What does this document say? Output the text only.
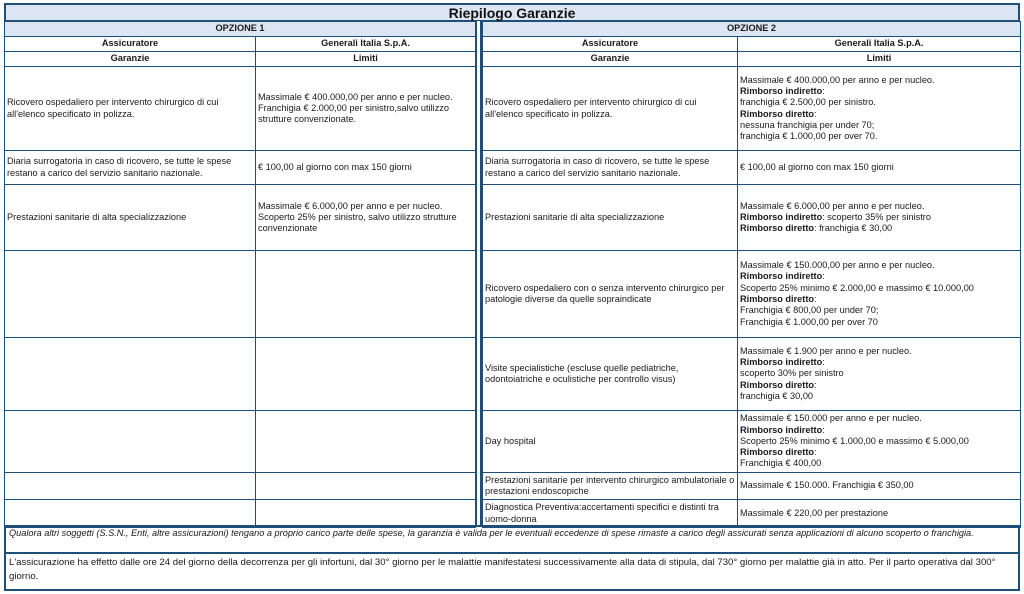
Riepilogo Garanzie
OPZIONE 1	
Assicuratore	Generali Italia S.p.A.
Garanzie	Limiti
Ricovero ospedaliero per intervento chirurgico di cui all'elenco specificato in polizza.	Massimale € 400.000,00 per anno e per nucleo.
Franchigia € 2.000,00 per sinistro,salvo utilizzo strutture convenzionate.

Diaria surrogatoria in caso di ricovero, se tutte le spese restano a carico del servizio sanitario nazionale.	€ 100,00 al giorno con max 150 giorni

Prestazioni sanitarie di alta specializzazione	Massimale € 6.000,00 per anno e per nucleo. Scoperto 25% per sinistro, salvo utilizzo strutture convenzionate

OPZIONE 2	
Assicuratore	Generali Italia S.p.A.
Garanzie	Limiti
Ricovero ospedaliero per intervento chirurgico di cui all'elenco specificato in polizza.	
Massimale € 400.000,00 per anno e per nucleo.
Rimborso indiretto:
franchigia € 2.500,00 per sinistro.
Rimborso diretto:
nessuna franchigia per under 70;
franchigia € 1.000,00 per over 70.

Diaria surrogatoria in caso di ricovero, se tutte le spese restano a carico del servizio sanitario nazionale.	€ 100,00 al giorno con max 150 giorni

Prestazioni sanitarie di alta specializzazione	Massimale € 6.000,00 per anno e per nucleo.
Rimborso indiretto: scoperto 35% per sinistro
Rimborso diretto: franchigia € 30,00

Ricovero ospedaliero con o senza intervento chirurgico per patologie diverse da quelle sopraindicate	
Massimale € 150.000,00 per anno e per nucleo.
Rimborso indiretto:
Scoperto 25% minimo € 2.000,00 e massimo € 10.000,00
Rimborso diretto:
Franchigia € 800,00 per under 70;
Franchigia € 1.000,00 per over 70

Visite specialistiche (escluse quelle pediatriche, odontoiatriche e oculistiche per controllo visus)	Massimale € 1.900 per anno e per nucleo.
Rimborso indiretto:
scoperto 30% per sinistro
Rimborso diretto:
franchigia € 30,00

Day hospital	Massimale € 150.000 per anno e per nucleo.
Rimborso indiretto:
Scoperto 25% minimo € 1.000,00 e massimo € 5.000,00
Rimborso diretto:
Franchigia € 400,00

Prestazioni sanitarie per intervento chirurgico ambulatoriale o prestazioni endoscopiche	Massimale € 150.000. Franchigia € 350,00

Diagnostica Preventiva:accertamenti specifici e distinti tra uomo-donna	Massimale € 220,00 per prestazione
Qualora altri soggetti (S.S.N., Enti, altre assicurazioni) tengano a proprio carico parte delle spese, la garanzia è valida per le eventuali eccedenze di spese rimaste a carico degli assicurati senza applicazioni di alcuno scoperto o franchigia.
L'assicurazione ha effetto dalle ore 24 del giorno della decorrenza per gli infortuni, dal 30° giorno per le malattie manifestatesi successivamente alla data di stipula, dal 730° giorno per malattie già in atto. Per il parto operativa dal 300° giorno.
